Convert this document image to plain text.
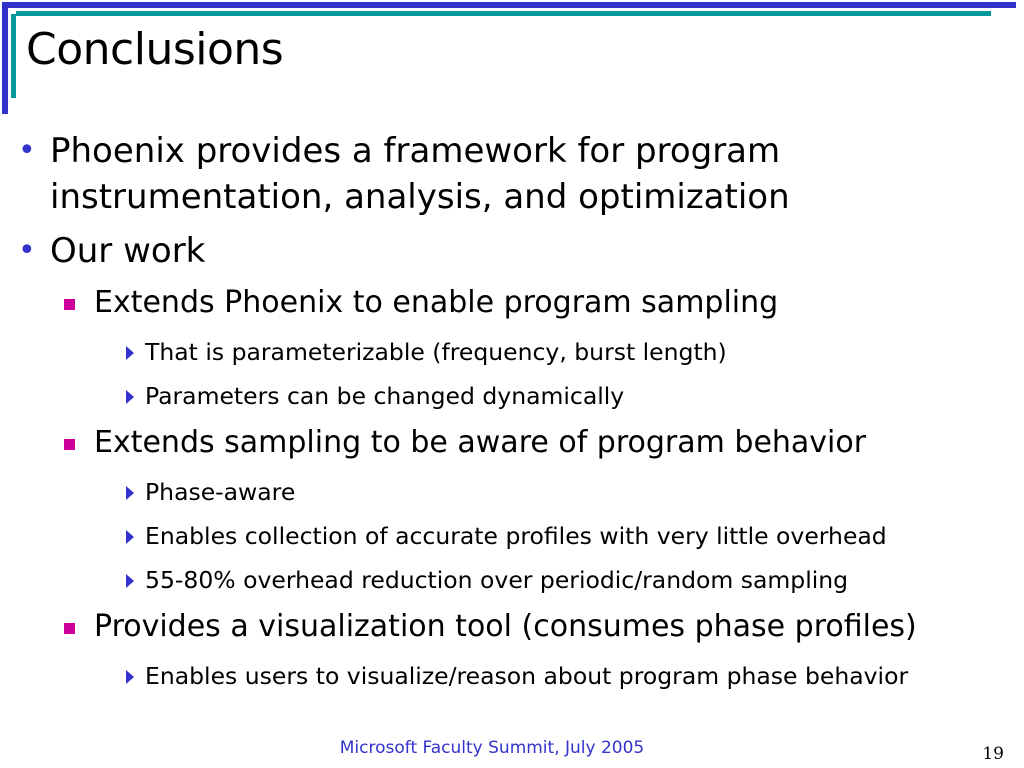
Conclusions
• Phoenix provides a framework for program instrumentation, analysis, and optimization
• Our work
Extends Phoenix to enable program sampling
That is parameterizable (frequency, burst length)
Parameters can be changed dynamically
Extends sampling to be aware of program behavior
Phase-aware
Enables collection of accurate profiles with very little overhead
55-80% overhead reduction over periodic/random sampling
Provides a visualization tool (consumes phase profiles)
Enables users to visualize/reason about program phase behavior
Microsoft Faculty Summit, July 2005	19
